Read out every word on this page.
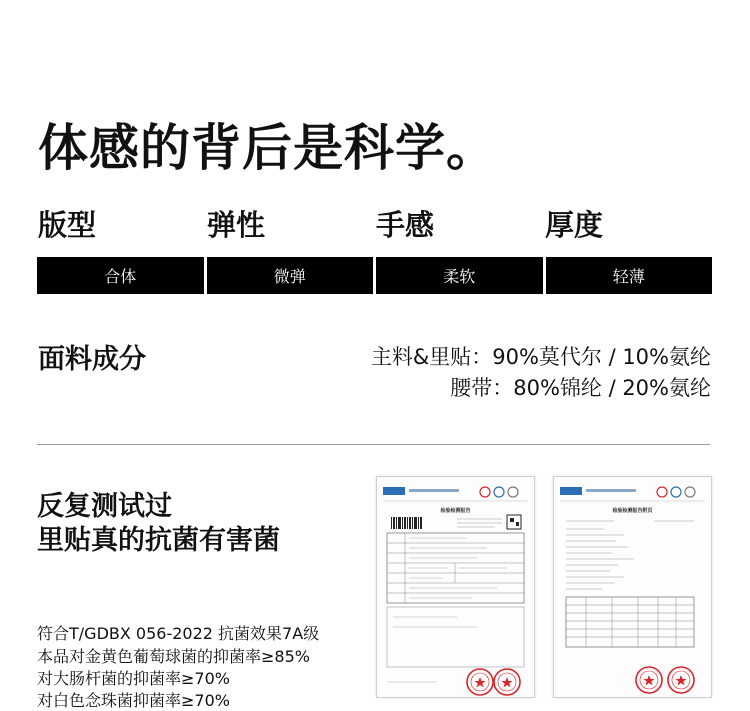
体感的背后是科学。
版型	弹性	手感	厚度
合体	微弹	柔软	轻薄
面料成分	主料&里贴：90%莫代尔 / 10%氨纶
腰带：80%锦纶 / 20%氨纶
反复测试过
里贴真的抗菌有害菌
符合T/GDBX 056-2022 抗菌效果7A级
本品对金黄色葡萄球菌的抑菌率≥85%
对大肠杆菌的抑菌率≥70%
对白色念珠菌抑菌率≥70%
检验检测报告	检验检测报告附页
